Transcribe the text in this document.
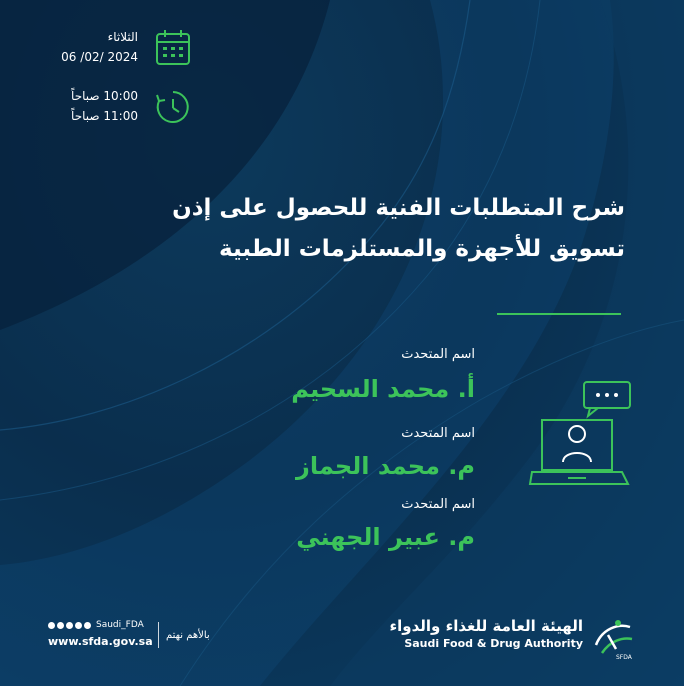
الثلاثاء
2024 /02/ 06
10:00 صباحاً
11:00 صباحاً
شرح المتطلبات الفنية للحصول على إذن
تسويق للأجهزة والمستلزمات الطبية
اسم المتحدث
أ. محمد السحيم
اسم المتحدث
م. محمد الجماز
اسم المتحدث
م. عبير الجهني
Saudi_FDA
www.sfda.gov.sa بالأهم نهتم
الهيئة العامة للغذاء والدواء
Saudi Food & Drug Authority
SFDA
